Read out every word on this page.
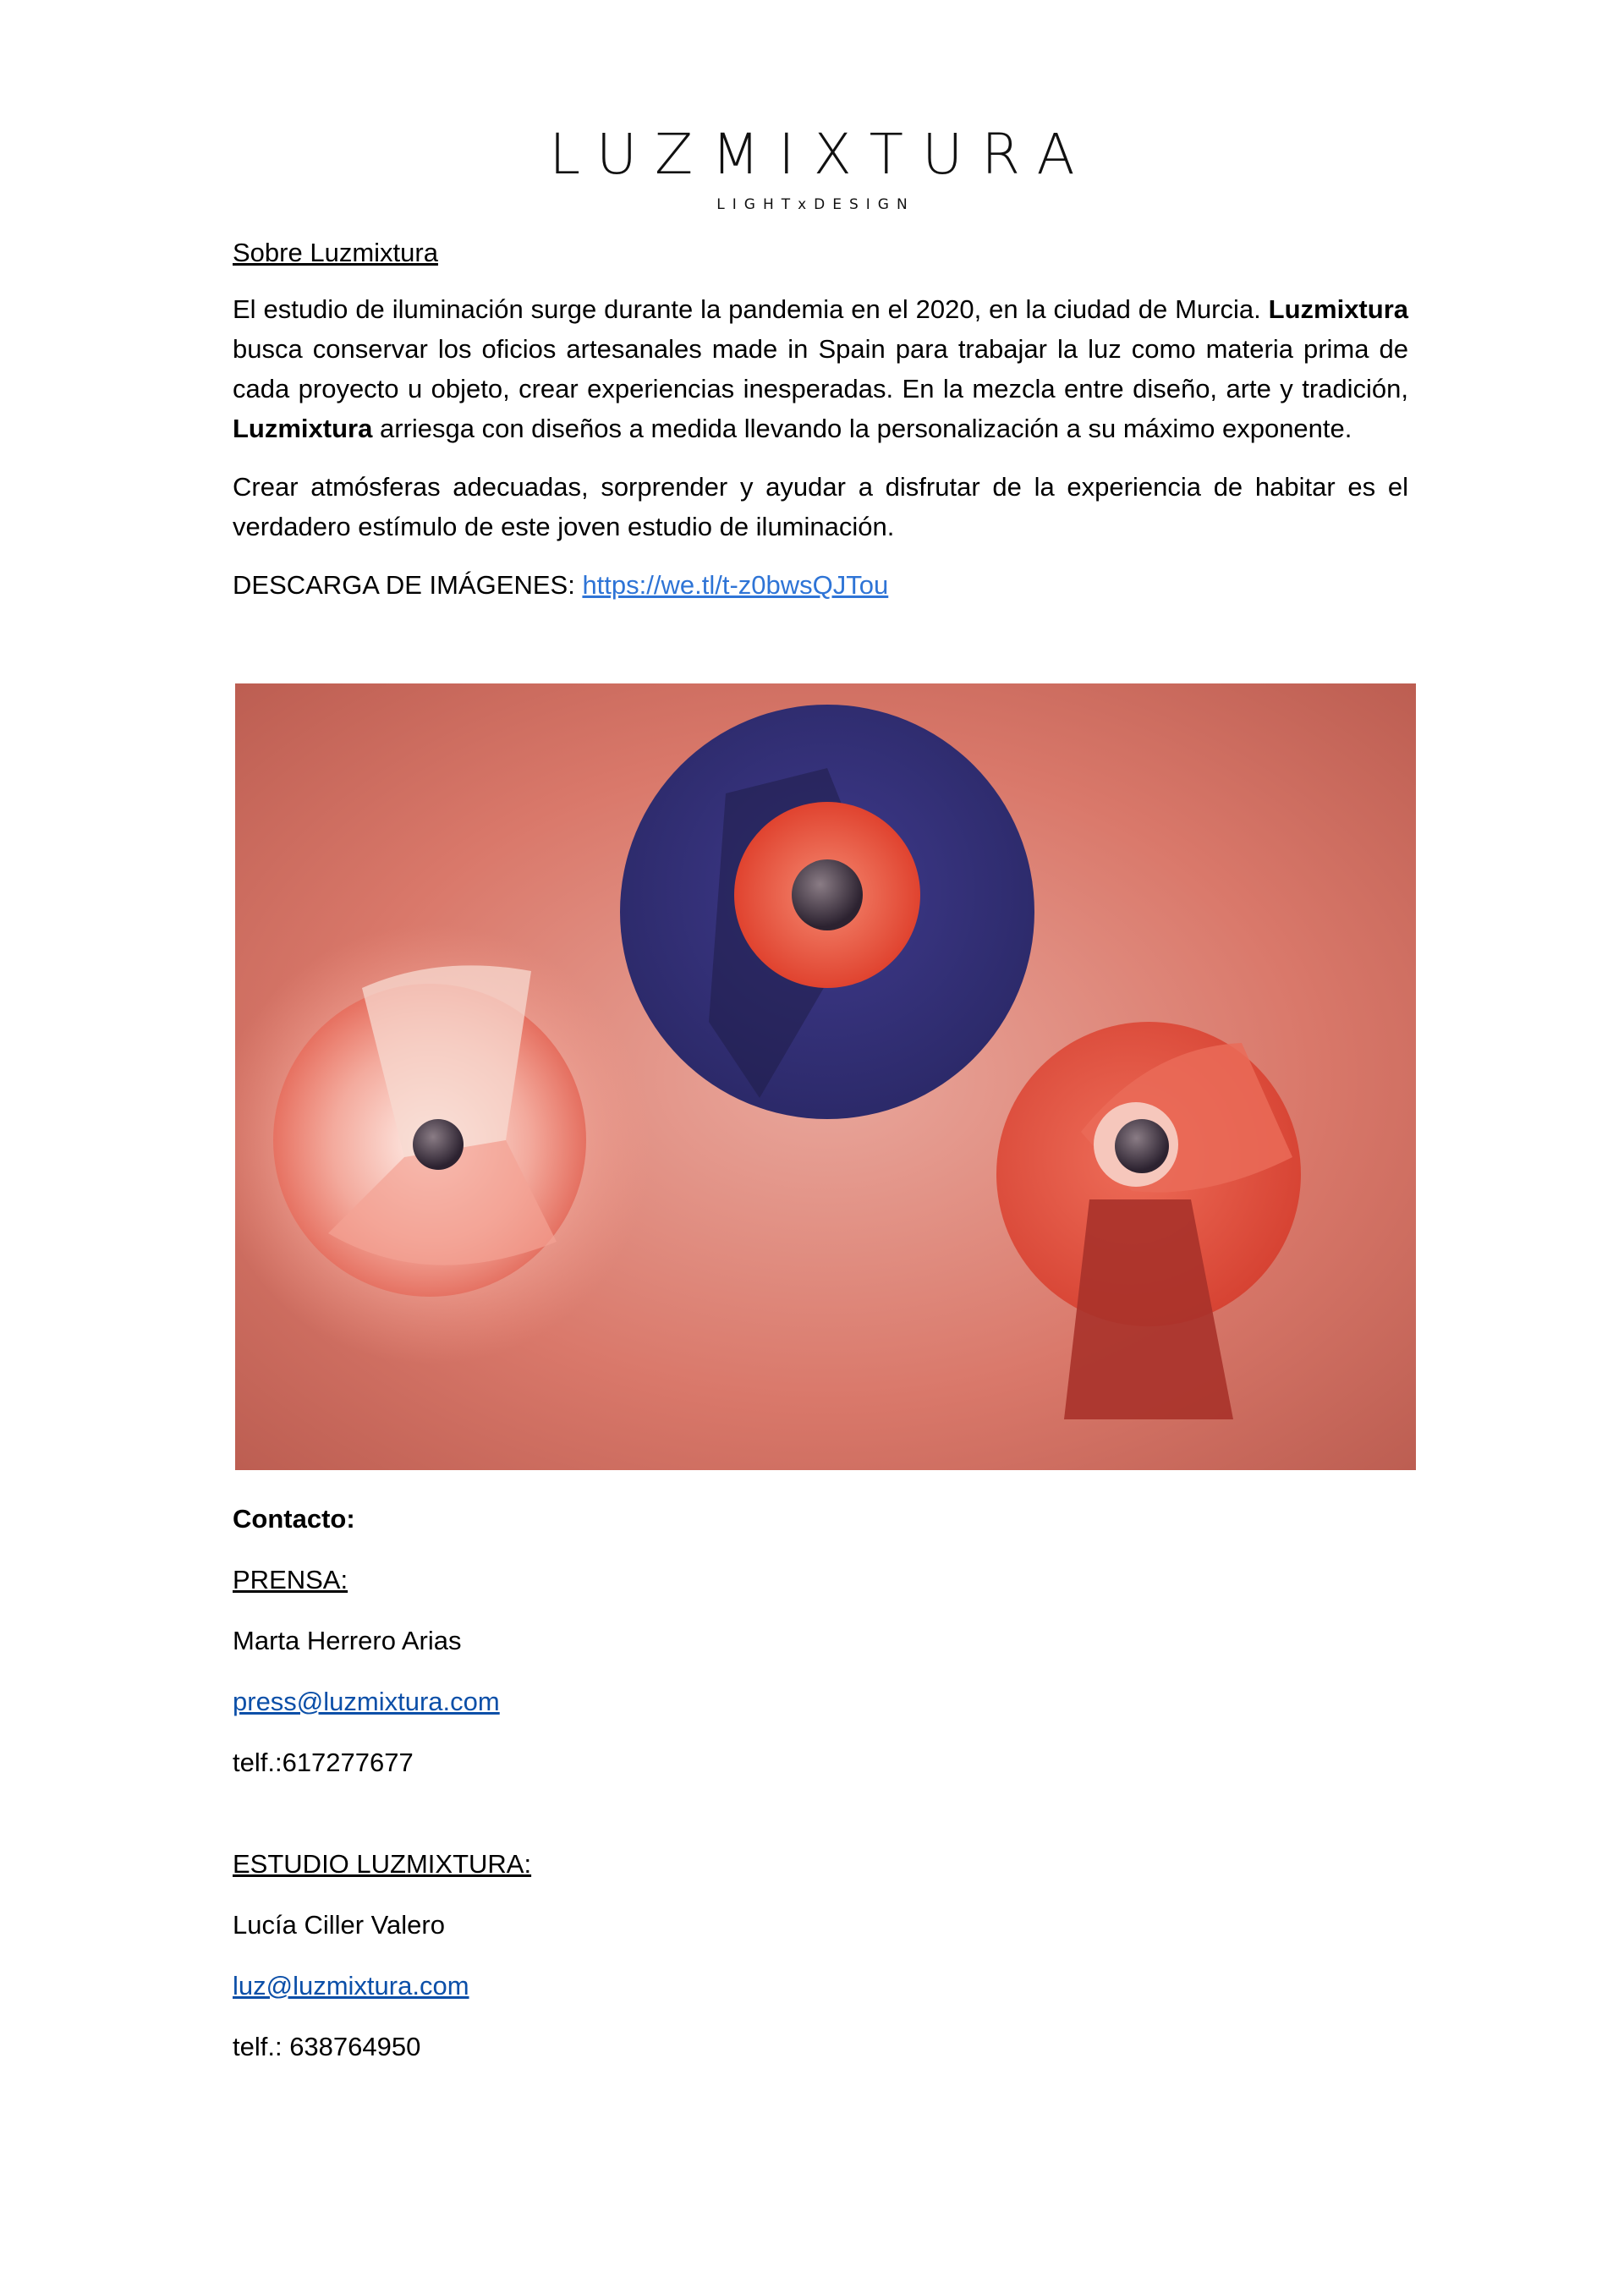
LUZMIXTURA
LIGHTxDESIGN

Sobre Luzmixtura

El estudio de iluminación surge durante la pandemia en el 2020, en la ciudad de Murcia. Luzmixtura busca conservar los oficios artesanales made in Spain para trabajar la luz como materia prima de cada proyecto u objeto, crear experiencias inesperadas. En la mezcla entre diseño, arte y tradición, Luzmixtura arriesga con diseños a medida llevando la personalización a su máximo exponente.

Crear atmósferas adecuadas, sorprender y ayudar a disfrutar de la experiencia de habitar es el verdadero estímulo de este joven estudio de iluminación.

DESCARGA DE IMÁGENES: https://we.tl/t-z0bwsQJTou

Contacto:

PRENSA:

Marta Herrero Arias

press@luzmixtura.com

telf.:617277677

ESTUDIO LUZMIXTURA:

Lucía Ciller Valero

luz@luzmixtura.com

telf.: 638764950
